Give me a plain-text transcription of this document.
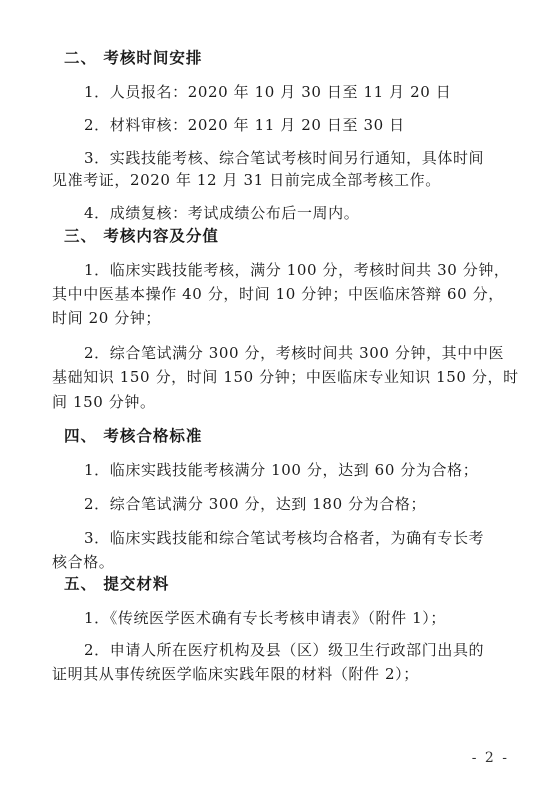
二、 考核时间安排
1．人员报名：2020 年 10 月 30 日至 11 月 20 日
2．材料审核：2020 年 11 月 20 日至 30 日
3．实践技能考核、综合笔试考核时间另行通知，具体时间
见准考证，2020 年 12 月 31 日前完成全部考核工作。
4．成绩复核：考试成绩公布后一周内。
三、 考核内容及分值
1．临床实践技能考核，满分 100 分，考核时间共 30 分钟，
其中中医基本操作 40 分，时间 10 分钟；中医临床答辩 60 分，
时间 20 分钟；
2．综合笔试满分 300 分，考核时间共 300 分钟，其中中医
基础知识 150 分，时间 150 分钟；中医临床专业知识 150 分，时
间 150 分钟。
四、 考核合格标准
1．临床实践技能考核满分 100 分，达到 60 分为合格；
2．综合笔试满分 300 分，达到 180 分为合格；
3．临床实践技能和综合笔试考核均合格者，为确有专长考
核合格。
五、 提交材料
1．《传统医学医术确有专长考核申请表》（附件 1）；
2．申请人所在医疗机构及县（区）级卫生行政部门出具的
证明其从事传统医学临床实践年限的材料（附件 2）；
- 2 -
